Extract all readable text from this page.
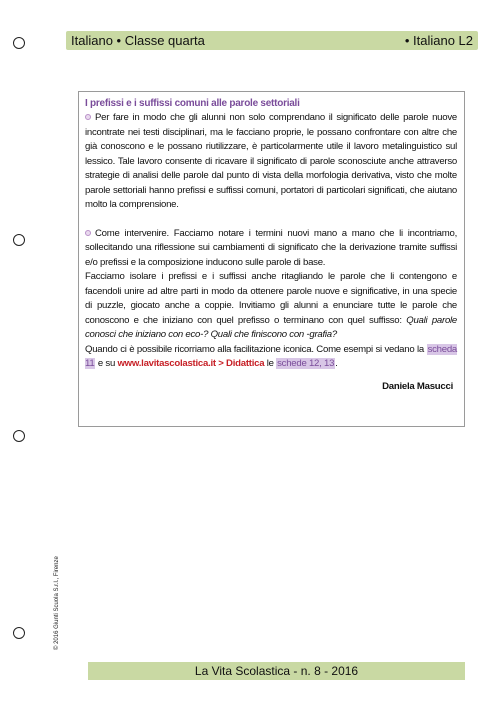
Italiano • Classe quarta	• Italiano L2
© 2016 Giunti Scuola S.r.l., Firenze
I prefissi e i suffissi comuni alle parole settoriali

Per fare in modo che gli alunni non solo comprendano il significato delle parole nuove incontrate nei testi disciplinari, ma le facciano proprie, le possano confrontare con altre che già conoscono e le possano riutilizzare, è particolarmente utile il lavoro metalinguistico sul lessico. Tale lavoro consente di ricavare il significato di parole sconosciute anche attraverso strategie di analisi delle parole dal punto di vista della morfologia derivativa, visto che molte parole settoriali hanno prefissi e suffissi comuni, portatori di particolari significati, che aiutano molto la comprensione.

Come intervenire. Facciamo notare i termini nuovi mano a mano che li incontriamo, sollecitando una riflessione sui cambiamenti di significato che la derivazione tramite suffissi e/o prefissi e la composizione inducono sulle parole di base.

Facciamo isolare i prefissi e i suffissi anche ritagliando le parole che li contengono e facendoli unire ad altre parti in modo da ottenere parole nuove e significative, in una specie di puzzle, giocato anche a coppie. Invitiamo gli alunni a enunciare tutte le parole che conoscono e che iniziano con quel prefisso o terminano con quel suffisso: Quali parole conosci che iniziano con eco-? Quali che finiscono con -grafia?

Quando ci è possibile ricorriamo alla facilitazione iconica. Come esempi si vedano la scheda 11 e su www.lavitascolastica.it > Didattica le schede 12, 13.

Daniela Masucci
La Vita Scolastica - n. 8 - 2016
